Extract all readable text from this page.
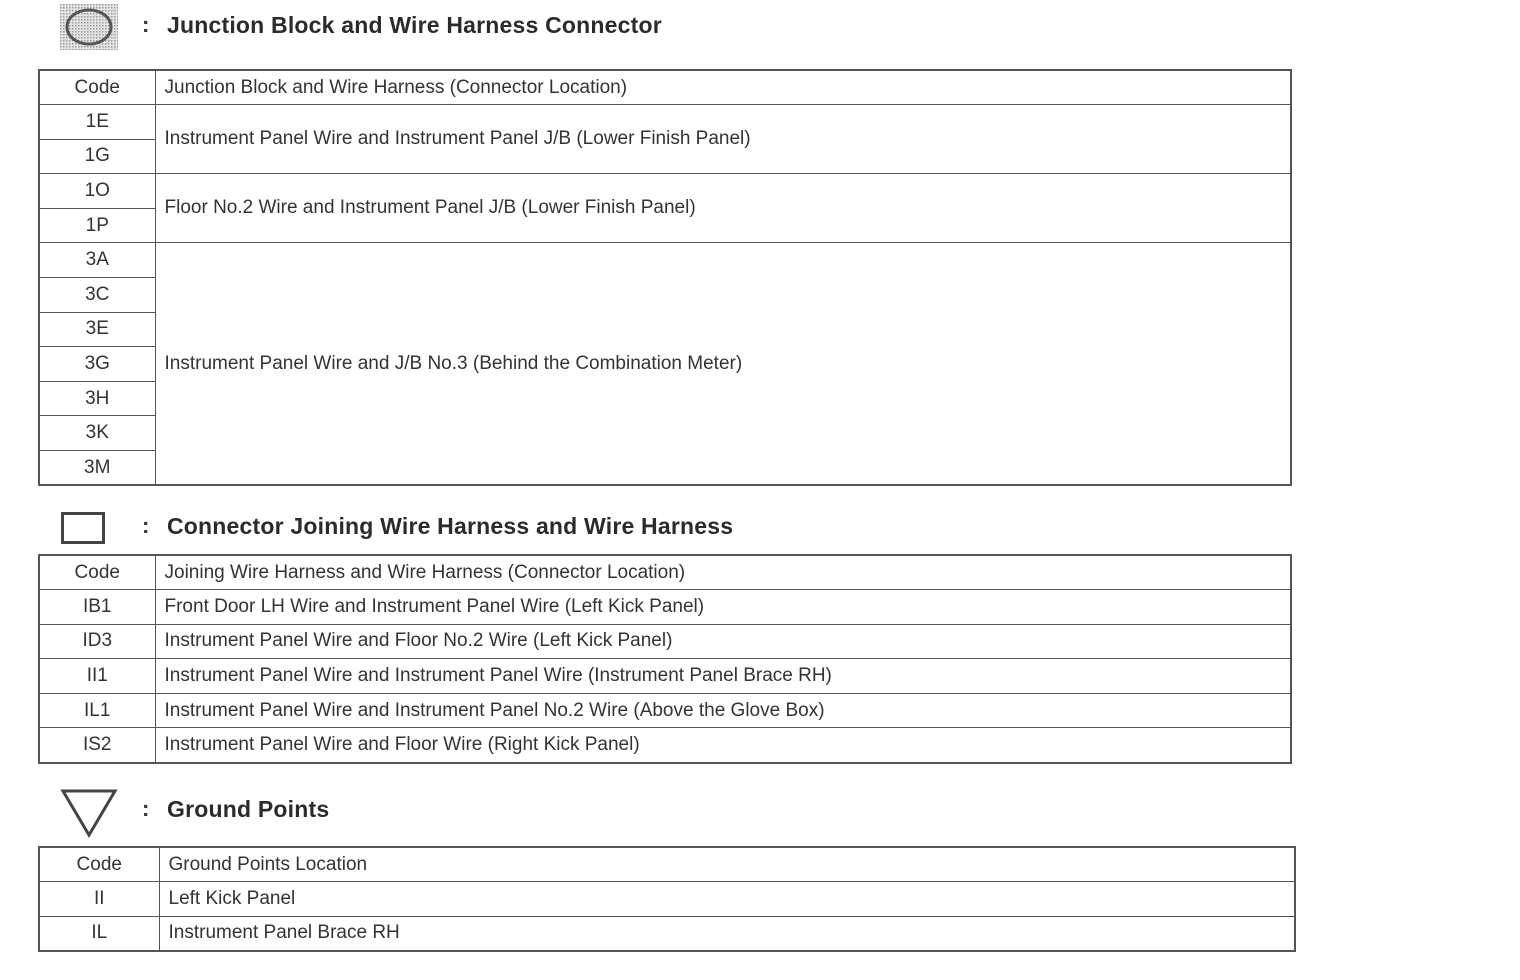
: Junction Block and Wire Harness Connector
Code	Junction Block and Wire Harness (Connector Location)
1E	Instrument Panel Wire and Instrument Panel J/B (Lower Finish Panel)
1G	
1O	Floor No.2 Wire and Instrument Panel J/B (Lower Finish Panel)
1P	
3A	Instrument Panel Wire and J/B No.3 (Behind the Combination Meter)
3C	
3E	
3G	
3H	
3K	
3M	
: Connector Joining Wire Harness and Wire Harness
Code	Joining Wire Harness and Wire Harness (Connector Location)
IB1	Front Door LH Wire and Instrument Panel Wire (Left Kick Panel)
ID3	Instrument Panel Wire and Floor No.2 Wire (Left Kick Panel)
II1	Instrument Panel Wire and Instrument Panel Wire (Instrument Panel Brace RH)
IL1	Instrument Panel Wire and Instrument Panel No.2 Wire (Above the Glove Box)
IS2	Instrument Panel Wire and Floor Wire (Right Kick Panel)
: Ground Points
Code	Ground Points Location
II	Left Kick Panel
IL	Instrument Panel Brace RH
